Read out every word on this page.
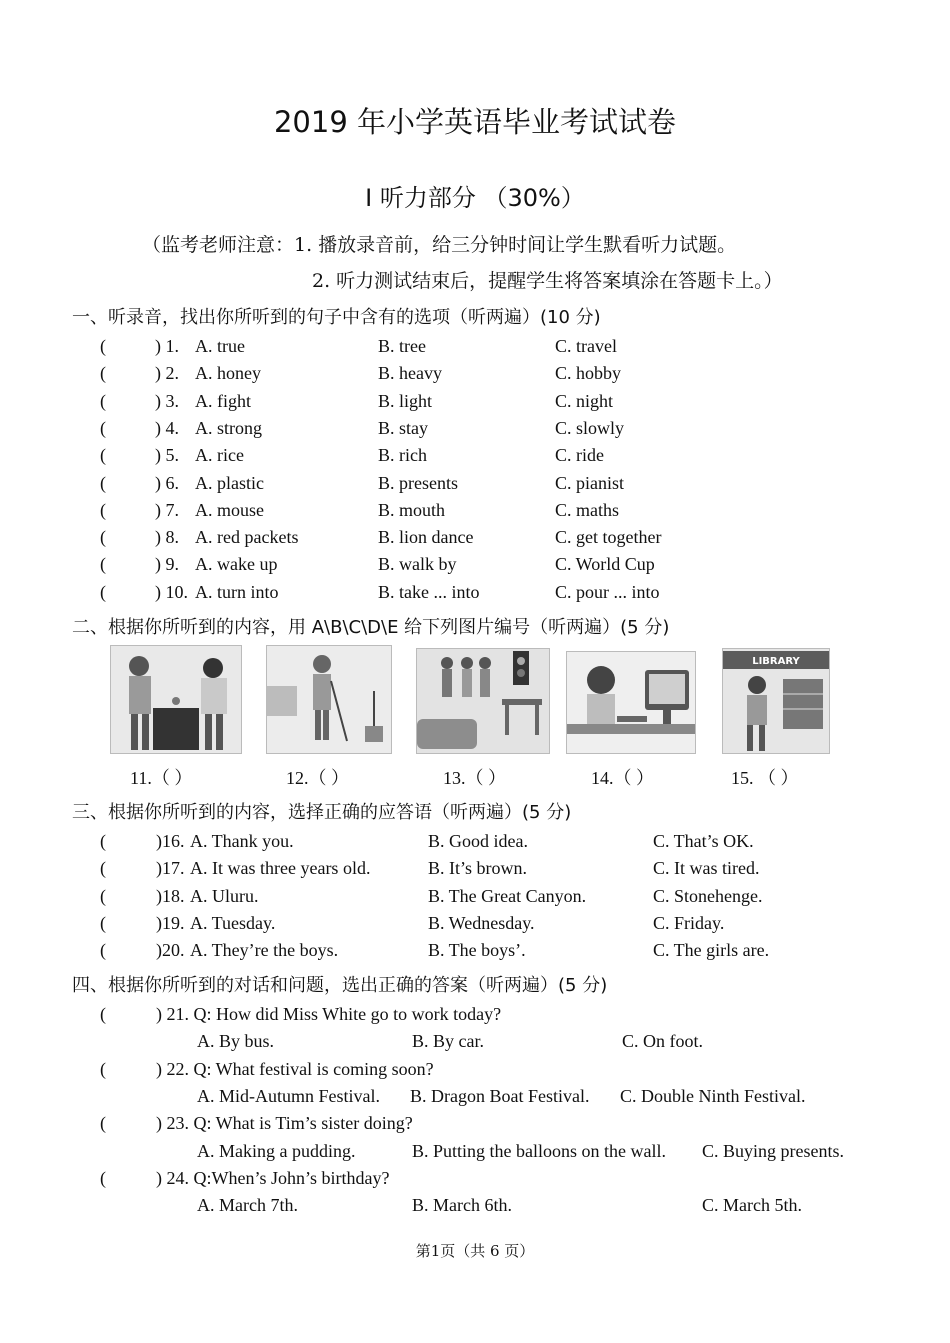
2019 年小学英语毕业考试试卷
Ⅰ 听力部分 （30%）
（监考老师注意：1. 播放录音前，给三分钟时间让学生默看听力试题。
2. 听力测试结束后，提醒学生将答案填涂在答题卡上。）
一、听录音，找出你所听到的句子中含有的选项（听两遍）(10 分)
(	) 1. A. true	B. tree	C. travel
(	) 2. A. honey	B. heavy	C. hobby
(	) 3. A. fight	B. light	C. night
(	) 4. A. strong	B. stay	C. slowly
(	) 5. A. rice	B. rich	C. ride
(	) 6. A. plastic	B. presents	C. pianist
(	) 7. A. mouse	B. mouth	C. maths
(	) 8. A. red packets	B. lion dance	C. get together
(	) 9. A. wake up	B. walk by	C. World Cup
(	) 10. A. turn into	B. take ... into	C. pour ... into
二、根据你所听到的内容，用 A\B\C\D\E 给下列图片编号（听两遍）(5 分)
LIBRARY
11.（ ）	12.（ ）	13.（ ）	14.（ ）	15. （ ）
三、根据你所听到的内容，选择正确的应答语（听两遍）(5 分)
(	)16. A. Thank you.	B. Good idea.	C. That’s OK.
(	)17. A. It was three years old.	B. It’s brown.	C. It was tired.
(	)18. A. Uluru.	B. The Great Canyon.	C. Stonehenge.
(	)19. A. Tuesday.	B. Wednesday.	C. Friday.
(	)20. A. They’re the boys.	B. The boys’.	C. The girls are.
四、根据你所听到的对话和问题，选出正确的答案（听两遍）(5 分)
(	) 21. Q: How did Miss White go to work today?
A. By bus.	B. By car.	C. On foot.
(	) 22. Q: What festival is coming soon?
A. Mid-Autumn Festival. B. Dragon Boat Festival. C. Double Ninth Festival.
(	) 23. Q: What is Tim’s sister doing?
A. Making a pudding.	B. Putting the balloons on the wall. C. Buying presents.
(	) 24. Q:When’s John’s birthday?
A. March 7th.	B. March 6th.	C. March 5th.
第1页（共 6 页）
